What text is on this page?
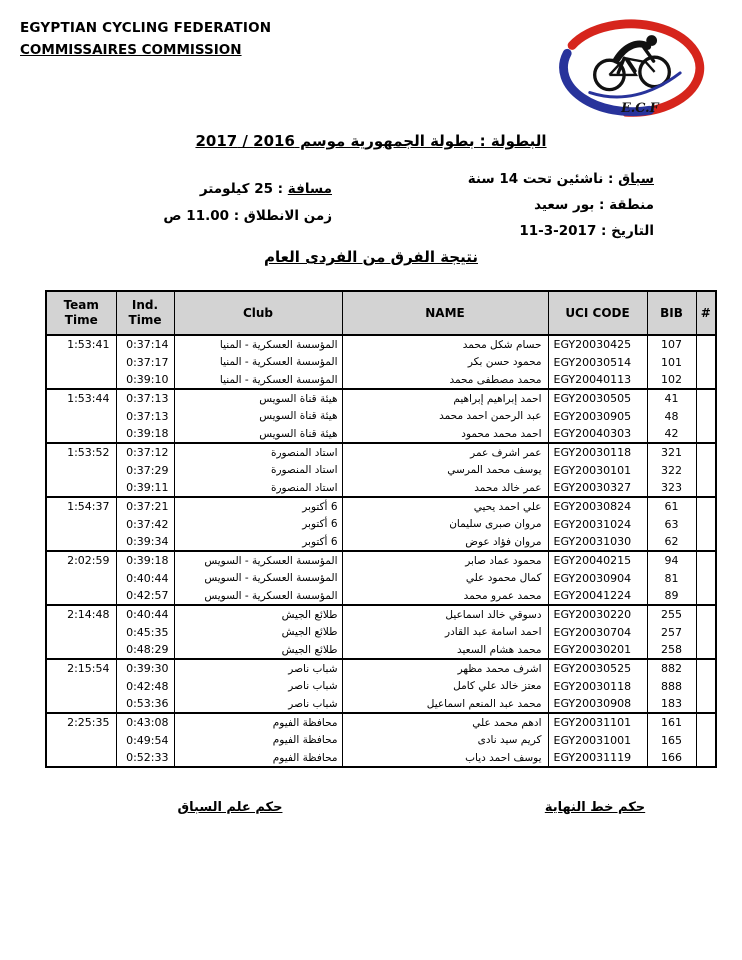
EGYPTIAN CYCLING FEDERATION
COMMISSAIRES COMMISSION
E.C.F
البطولة : بطولة الجمهورية موسم 2016 / 2017
سباق : ناشئين تحت 14 سنة
منطقة : بور سعيد
التاريخ : 2017-3-11
مسافة : 25 كيلومتر
زمن الانطلاق : 11.00 ص
نتيجة الفرق من الفردى العام
Team Time	Ind. Time	Club	NAME	UCI CODE	BIB	#
1:53:41	0:37:14	المؤسسة العسكرية - المنيا	حسام شكل محمد	EGY20030425	107	
	0:37:17	المؤسسة العسكرية - المنيا	محمود حسن بكر	EGY20030514	101	
	0:39:10	المؤسسة العسكرية - المنيا	محمد مصطفى محمد	EGY20040113	102	
1:53:44	0:37:13	هيئة قناة السويس	احمد إبراهيم إبراهيم	EGY20030505	41	
	0:37:13	هيئة قناة السويس	عبد الرحمن احمد محمد	EGY20030905	48	
	0:39:18	هيئة قناة السويس	احمد محمد محمود	EGY20040303	42	
1:53:52	0:37:12	استاد المنصورة	عمر اشرف عمر	EGY20030118	321	
	0:37:29	استاد المنصورة	يوسف محمد المرسي	EGY20030101	322	
	0:39:11	استاد المنصورة	عمر خالد محمد	EGY20030327	323	
1:54:37	0:37:21	6 أكتوبر	علي احمد يحيي	EGY20030824	61	
	0:37:42	6 أكتوبر	مروان صبرى سليمان	EGY20031024	63	
	0:39:34	6 أكتوبر	مروان فؤاد عوض	EGY20031030	62	
2:02:59	0:39:18	المؤسسة العسكرية - السويس	محمود عماد صابر	EGY20040215	94	
	0:40:44	المؤسسة العسكرية - السويس	كمال محمود علي	EGY20030904	81	
	0:42:57	المؤسسة العسكرية - السويس	محمد عمرو محمد	EGY20041224	89	
2:14:48	0:40:44	طلائع الجيش	دسوقي خالد اسماعيل	EGY20030220	255	
	0:45:35	طلائع الجيش	احمد اسامة عبد القادر	EGY20030704	257	
	0:48:29	طلائع الجيش	محمد هشام السعيد	EGY20030201	258	
2:15:54	0:39:30	شباب ناصر	اشرف محمد مظهر	EGY20030525	882	
	0:42:48	شباب ناصر	معتز خالد علي كامل	EGY20030118	888	
	0:53:36	شباب ناصر	محمد عبد المنعم اسماعيل	EGY20030908	183	
2:25:35	0:43:08	محافظة الفيوم	ادهم محمد علي	EGY20031101	161	
	0:49:54	محافظة الفيوم	كريم سيد نادى	EGY20031001	165	
	0:52:33	محافظة الفيوم	يوسف احمد دياب	EGY20031119	166	
حكم علم السباق	حكم خط النهاية
